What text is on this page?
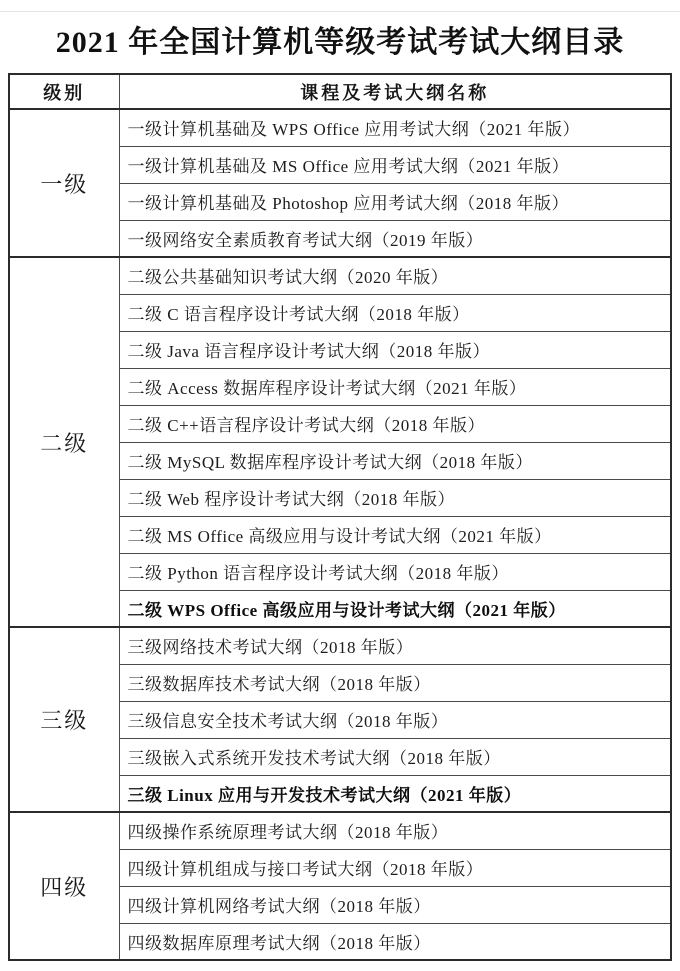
2021 年全国计算机等级考试考试大纲目录
级别	课程及考试大纲名称
一级	一级计算机基础及 WPS Office 应用考试大纲（2021 年版）
	一级计算机基础及 MS Office 应用考试大纲（2021 年版）
	一级计算机基础及 Photoshop 应用考试大纲（2018 年版）
	一级网络安全素质教育考试大纲（2019 年版）
二级	二级公共基础知识考试大纲（2020 年版）
	二级 C 语言程序设计考试大纲（2018 年版）
	二级 Java 语言程序设计考试大纲（2018 年版）
	二级 Access 数据库程序设计考试大纲（2021 年版）
	二级 C++语言程序设计考试大纲（2018 年版）
	二级 MySQL 数据库程序设计考试大纲（2018 年版）
	二级 Web 程序设计考试大纲（2018 年版）
	二级 MS Office 高级应用与设计考试大纲（2021 年版）
	二级 Python 语言程序设计考试大纲（2018 年版）
	二级 WPS Office 高级应用与设计考试大纲（2021 年版）
三级	三级网络技术考试大纲（2018 年版）
	三级数据库技术考试大纲（2018 年版）
	三级信息安全技术考试大纲（2018 年版）
	三级嵌入式系统开发技术考试大纲（2018 年版）
	三级 Linux 应用与开发技术考试大纲（2021 年版）
四级	四级操作系统原理考试大纲（2018 年版）
	四级计算机组成与接口考试大纲（2018 年版）
	四级计算机网络考试大纲（2018 年版）
	四级数据库原理考试大纲（2018 年版）
